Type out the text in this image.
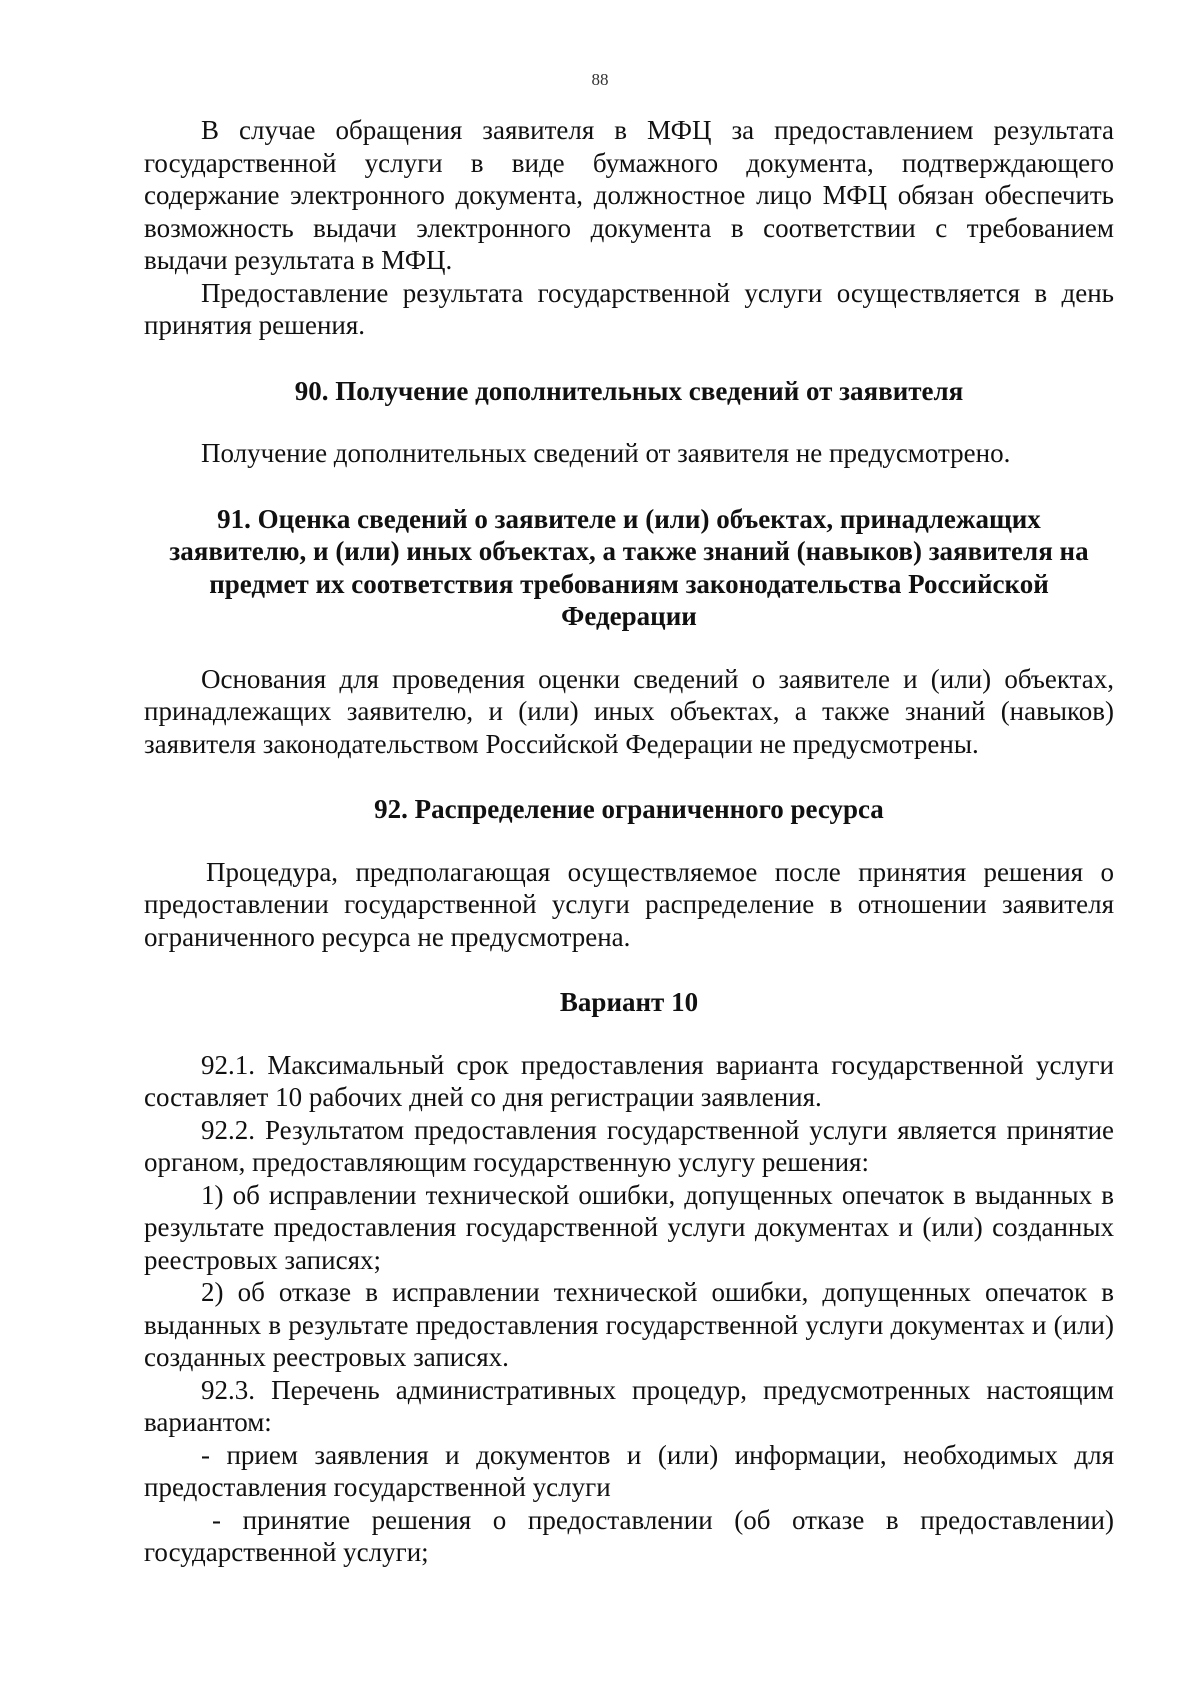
88

В случае обращения заявителя в МФЦ за предоставлением результата государственной услуги в виде бумажного документа, подтверждающего содержание электронного документа, должностное лицо МФЦ обязан обеспечить возможность выдачи электронного документа в соответствии с требованием выдачи результата в МФЦ.

Предоставление результата государственной услуги осуществляется в день принятия решения.

90. Получение дополнительных сведений от заявителя

Получение дополнительных сведений от заявителя не предусмотрено.

91. Оценка сведений о заявителе и (или) объектах, принадлежащих

заявителю, и (или) иных объектах, а также знаний (навыков) заявителя на

предмет их соответствия требованиям законодательства Российской

Федерации

Основания для проведения оценки сведений о заявителе и (или) объектах, принадлежащих заявителю, и (или) иных объектах, а также знаний (навыков) заявителя законодательством Российской Федерации не предусмотрены.

92. Распределение ограниченного ресурса

Процедура, предполагающая осуществляемое после принятия решения о предоставлении государственной услуги распределение в отношении заявителя ограниченного ресурса не предусмотрена.

Вариант 10

92.1. Максимальный срок предоставления варианта государственной услуги составляет 10 рабочих дней со дня регистрации заявления.

92.2. Результатом предоставления государственной услуги является принятие органом, предоставляющим государственную услугу решения:

1) об исправлении технической ошибки, допущенных опечаток в выданных в результате предоставления государственной услуги документах и (или) созданных реестровых записях;

2) об отказе в исправлении технической ошибки, допущенных опечаток в выданных в результате предоставления государственной услуги документах и (или) созданных реестровых записях.

92.3. Перечень административных процедур, предусмотренных настоящим вариантом:

- прием заявления и документов и (или) информации, необходимых для предоставления государственной услуги

- принятие решения о предоставлении (об отказе в предоставлении) государственной услуги;
